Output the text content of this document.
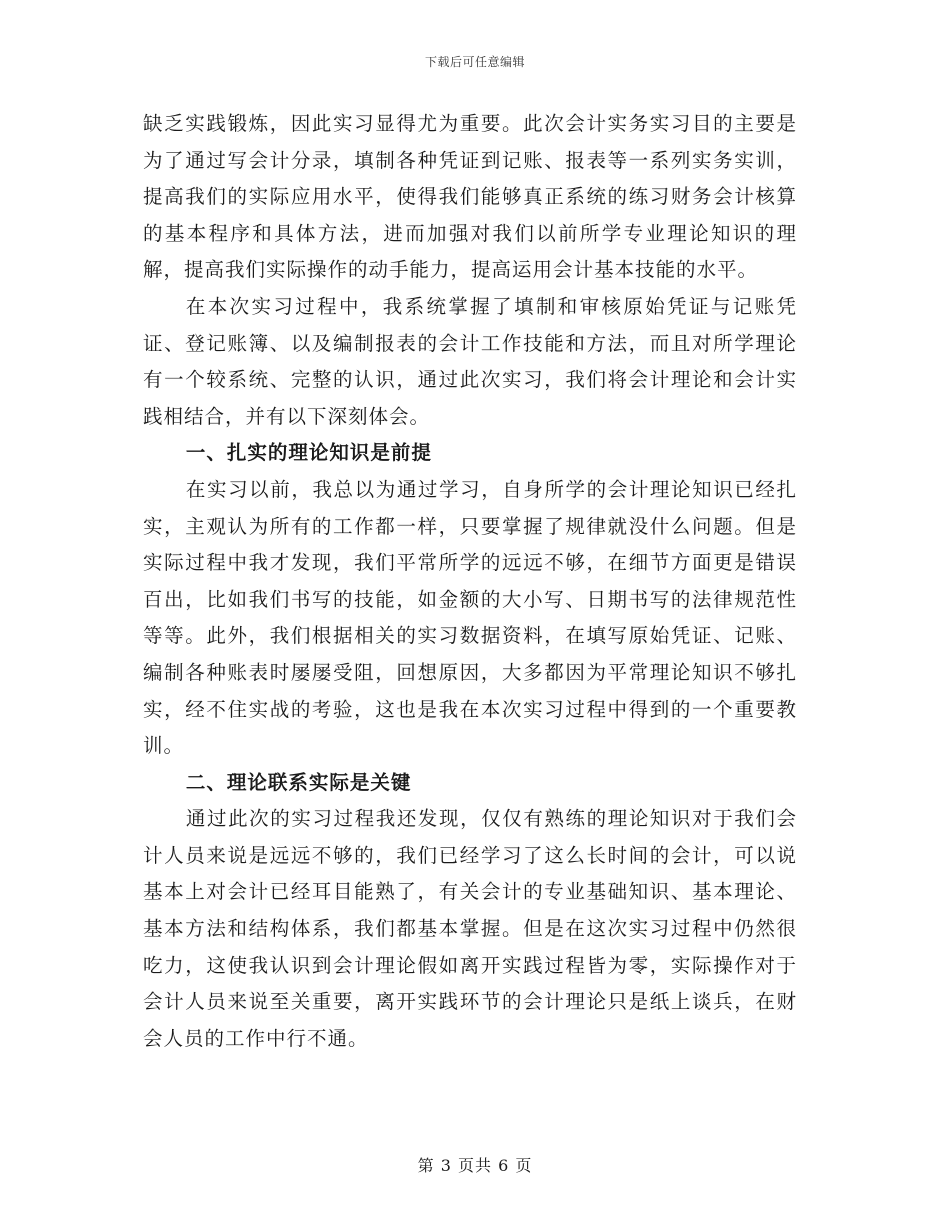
下载后可任意编辑

缺乏实践锻炼，因此实习显得尤为重要。此次会计实务实习目的主要是为了通过写会计分录，填制各种凭证到记账、报表等一系列实务实训，提高我们的实际应用水平，使得我们能够真正系统的练习财务会计核算的基本程序和具体方法，进而加强对我们以前所学专业理论知识的理解，提高我们实际操作的动手能力，提高运用会计基本技能的水平。

在本次实习过程中，我系统掌握了填制和审核原始凭证与记账凭证、登记账簿、以及编制报表的会计工作技能和方法，而且对所学理论有一个较系统、完整的认识，通过此次实习，我们将会计理论和会计实践相结合，并有以下深刻体会。

一、扎实的理论知识是前提

在实习以前，我总以为通过学习，自身所学的会计理论知识已经扎实，主观认为所有的工作都一样，只要掌握了规律就没什么问题。但是实际过程中我才发现，我们平常所学的远远不够，在细节方面更是错误百出，比如我们书写的技能，如金额的大小写、日期书写的法律规范性等等。此外，我们根据相关的实习数据资料，在填写原始凭证、记账、编制各种账表时屡屡受阻，回想原因，大多都因为平常理论知识不够扎实，经不住实战的考验，这也是我在本次实习过程中得到的一个重要教训。

二、理论联系实际是关键

通过此次的实习过程我还发现，仅仅有熟练的理论知识对于我们会计人员来说是远远不够的，我们已经学习了这么长时间的会计，可以说基本上对会计已经耳目能熟了，有关会计的专业基础知识、基本理论、基本方法和结构体系，我们都基本掌握。但是在这次实习过程中仍然很吃力，这使我认识到会计理论假如离开实践过程皆为零，实际操作对于会计人员来说至关重要，离开实践环节的会计理论只是纸上谈兵，在财会人员的工作中行不通。

第 3 页共 6 页
